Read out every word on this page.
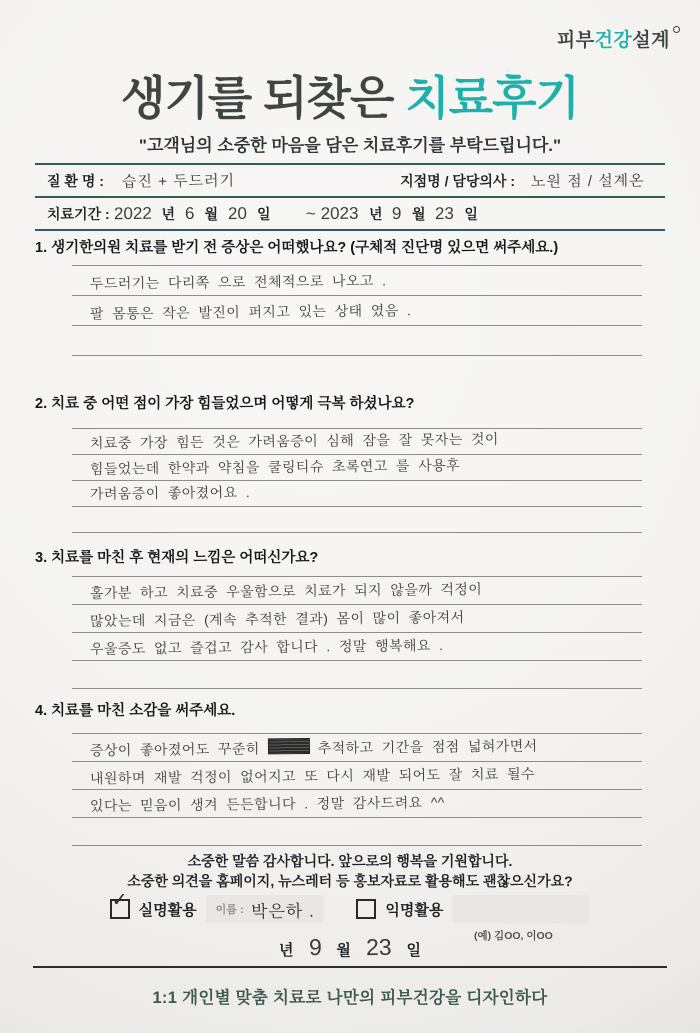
피부건강설계
생기를 되찾은 치료후기
"고객님의 소중한 마음을 담은 치료후기를 부탁드립니다."
질 환 명 : 습진 + 두드러기	지점명 / 담당의사 : 노원 점 / 설계온
치료기간 : 2022 년 6 월 20 일 ~ 2023 년 9 월 23 일
1. 생기한의원 치료를 받기 전 증상은 어떠했나요? (구체적 진단명 있으면 써주세요.)
두드러기는 다리쪽 으로 전체적으로 나오고 .
팔 몸통은 작은 발진이 퍼지고 있는 상태 였음 .
2. 치료 중 어떤 점이 가장 힘들었으며 어떻게 극복 하셨나요?
치료중 가장 힘든 것은 가려움증이 심해 잠을 잘 못자는 것이
힘들었는데 한약과 약침을 쿨링티슈 초록연고 를 사용후
가려움증이 좋아졌어요 .
3. 치료를 마친 후 현재의 느낌은 어떠신가요?
홀가분 하고 치료중 우울함으로 치료가 되지 않을까 걱정이
많았는데 지금은 (계속 추적한 결과) 몸이 많이 좋아져서
우울증도 없고 즐겁고 감사 합니다 . 정말 행복해요 .
4. 치료를 마친 소감을 써주세요.
증상이 좋아졌어도 꾸준히	추적하고 기간을 점점 넓혀가면서
내원하며 재발 걱정이 없어지고 또 다시 재발 되어도 잘 치료 될수
있다는 믿음이 생겨 든든합니다 . 정말 감사드려요 ^^
소중한 말씀 감사합니다. 앞으로의 행복을 기원합니다.
소중한 의견을 홈페이지, 뉴스레터 등 홍보자료로 활용해도 괜찮으신가요?
✓ 실명활용 이름 : 박은하 .	익명활용
(예) 김OO, 이OO
년 9 월 23 일
1:1 개인별 맞춤 치료로 나만의 피부건강을 디자인하다
